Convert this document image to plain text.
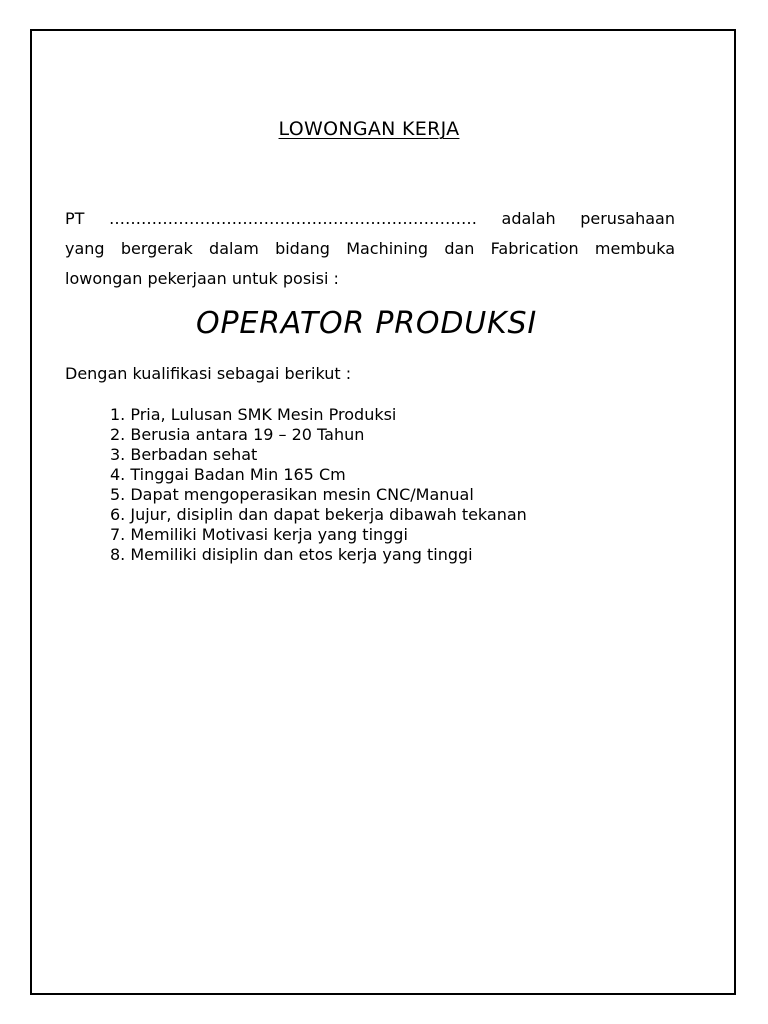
LOWONGAN KERJA
PT …………………………………………………………… adalah perusahaan
yang bergerak dalam bidang Machining dan Fabrication membuka
lowongan pekerjaan untuk posisi :
OPERATOR PRODUKSI
Dengan kualifikasi sebagai berikut :
1. Pria, Lulusan SMK Mesin Produksi
2. Berusia antara 19 – 20 Tahun
3. Berbadan sehat
4. Tinggai Badan Min 165 Cm
5. Dapat mengoperasikan mesin CNC/Manual
6. Jujur, disiplin dan dapat bekerja dibawah tekanan
7. Memiliki Motivasi kerja yang tinggi
8. Memiliki disiplin dan etos kerja yang tinggi
